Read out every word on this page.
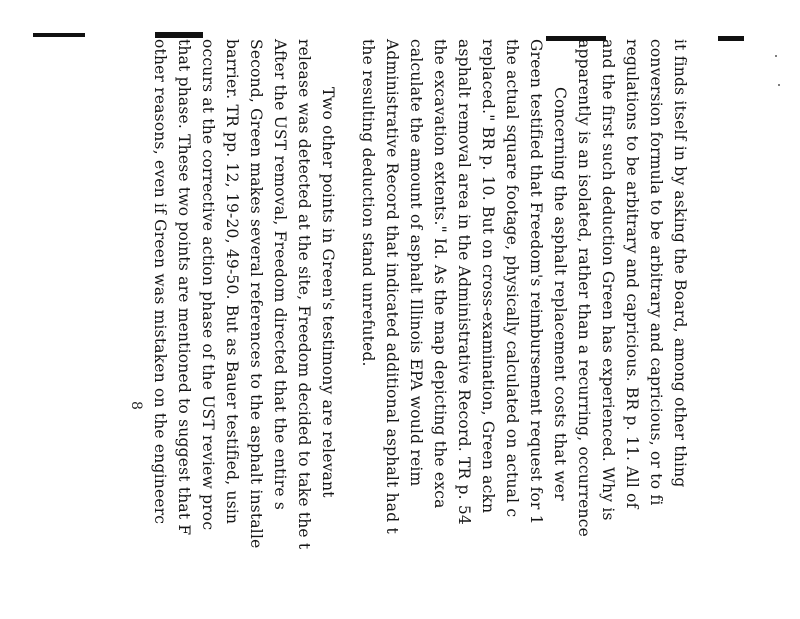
it finds itself in by asking the Board, among other thing
conversion formula to be arbitrary and capricious, or to fi
regulations to be arbitrary and capricious. BR p. 11. All of
and the first such deduction Green has experienced. Why is
apparently is an isolated, rather than a recurring, occurrence
Concerning the asphalt replacement costs that wer
Green testified that Freedom's reimbursement request for 1
the actual square footage, physically calculated on actual c
replaced." BR p. 10. But on cross-examination, Green ackn
asphalt removal area in the Administrative Record. TR p. 54
the excavation extents." Id. As the map depicting the exca
calculate the amount of asphalt Illinois EPA would reim
Administrative Record that indicated additional asphalt had t
the resulting deduction stand unrefuted.
Two other points in Green's testimony are relevant
release was detected at the site, Freedom decided to take the t
After the UST removal, Freedom directed that the entire s
Second, Green makes several references to the asphalt installe
barrier. TR pp. 12, 19-20, 49-50. But as Bauer testified, usin
occurs at the corrective action phase of the UST review proc
that phase. These two points are mentioned to suggest that F
other reasons, even if Green was mistaken on the engineerc
8
